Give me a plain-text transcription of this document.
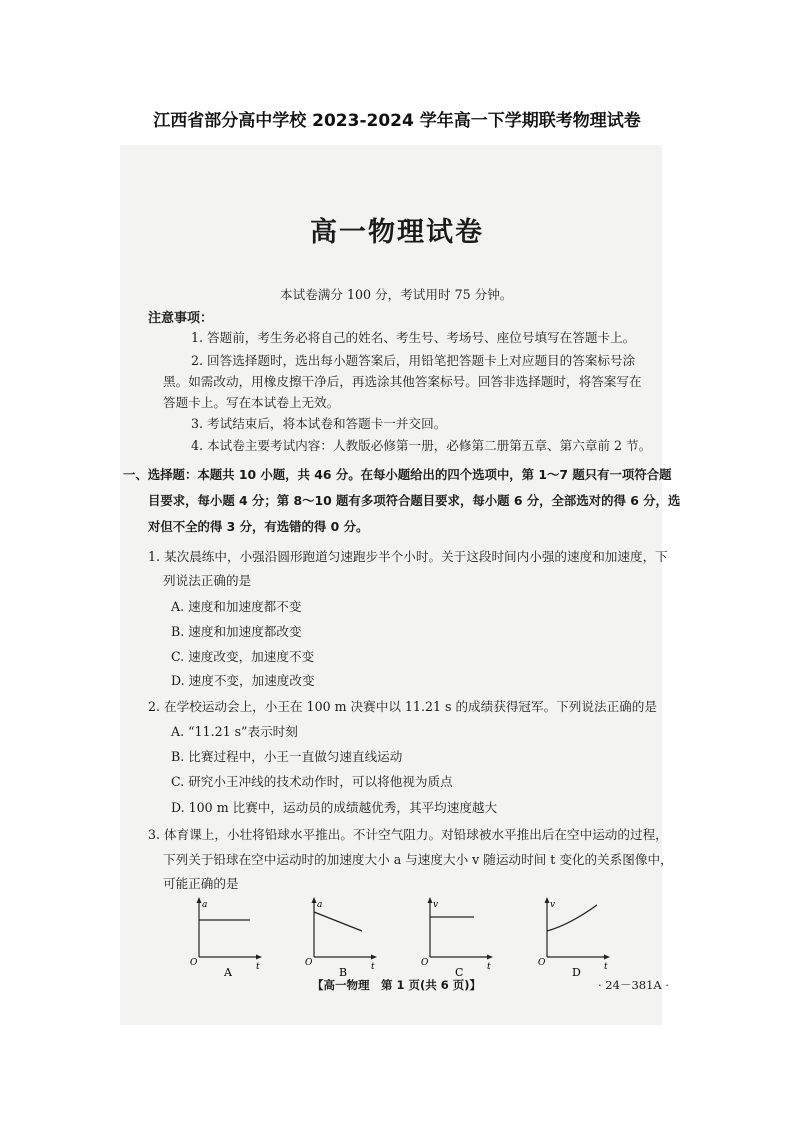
江西省部分高中学校 2023-2024 学年高一下学期联考物理试卷
高一物理试卷
本试卷满分 100 分，考试用时 75 分钟。
注意事项：
1. 答题前，考生务必将自己的姓名、考生号、考场号、座位号填写在答题卡上。
2. 回答选择题时，选出每小题答案后，用铅笔把答题卡上对应题目的答案标号涂
黑。如需改动，用橡皮擦干净后，再选涂其他答案标号。回答非选择题时，将答案写在
答题卡上。写在本试卷上无效。
3. 考试结束后，将本试卷和答题卡一并交回。
4. 本试卷主要考试内容：人教版必修第一册，必修第二册第五章、第六章前 2 节。
一、选择题：本题共 10 小题，共 46 分。在每小题给出的四个选项中，第 1～7 题只有一项符合题
目要求，每小题 4 分；第 8～10 题有多项符合题目要求，每小题 6 分，全部选对的得 6 分，选
对但不全的得 3 分，有选错的得 0 分。
1. 某次晨练中，小强沿圆形跑道匀速跑步半个小时。关于这段时间内小强的速度和加速度，下
列说法正确的是
A. 速度和加速度都不变
B. 速度和加速度都改变
C. 速度改变，加速度不变
D. 速度不变，加速度改变
2. 在学校运动会上，小王在 100 m 决赛中以 11.21 s 的成绩获得冠军。下列说法正确的是
A. “11.21 s”表示时刻
B. 比赛过程中，小王一直做匀速直线运动
C. 研究小王冲线的技术动作时，可以将他视为质点
D. 100 m 比赛中，运动员的成绩越优秀，其平均速度越大
3. 体育课上，小壮将铅球水平推出。不计空气阻力。对铅球被水平推出后在空中运动的过程，
下列关于铅球在空中运动时的加速度大小 a 与速度大小 v 随运动时间 t 变化的关系图像中，
可能正确的是
a
O	t
A
a
O	t
B
v
O	t
C
v
O	t
D
【高一物理　第 1 页(共 6 页)】	· 24－381A ·
